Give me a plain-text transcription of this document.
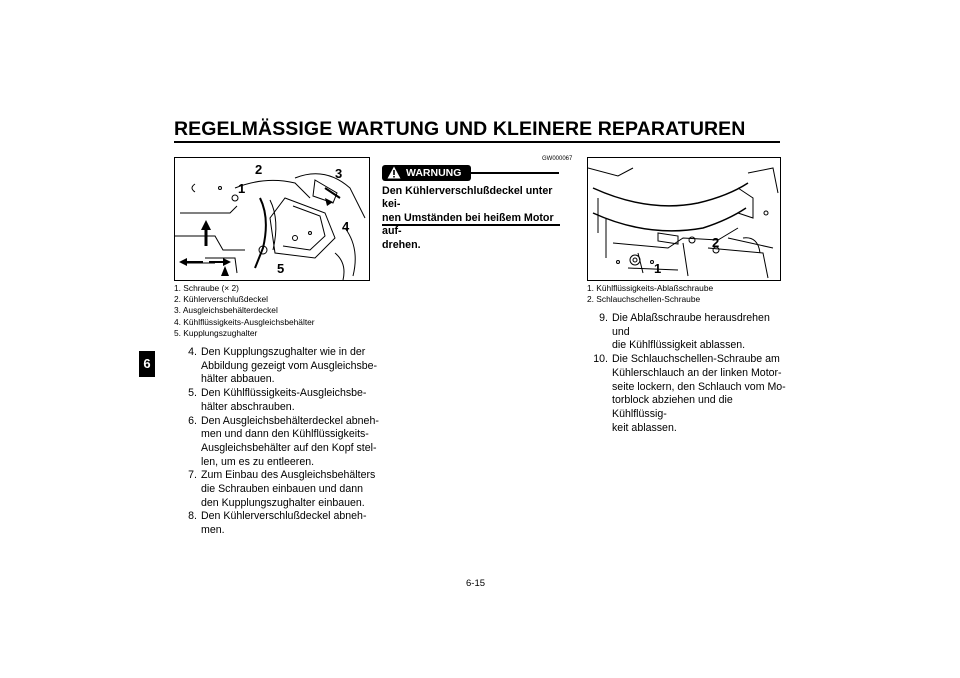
REGELMÄSSIGE WARTUNG UND KLEINERE REPARATUREN
6
1
2	3
4
5
1. Schraube (× 2)
2. Kühlerverschlußdeckel
3. Ausgleichsbehälterdeckel
4. Kühlflüssigkeits-Ausgleichsbehälter
5. Kupplungszughalter
4. Den Kupplungszughalter wie in der
Abbildung gezeigt vom Ausgleichsbe-
hälter abbauen.
5. Den Kühlflüssigkeits-Ausgleichsbe-
hälter abschrauben.
6. Den Ausgleichsbehälterdeckel abneh-
men und dann den Kühlflüssigkeits-
Ausgleichsbehälter auf den Kopf stel-
len, um es zu entleeren.
7. Zum Einbau des Ausgleichsbehälters
die Schrauben einbauen und dann
den Kupplungszughalter einbauen.
8. Den Kühlerverschlußdeckel abneh-
men.
GW000067
WARNUNG
Den Kühlerverschlußdeckel unter kei-
nen Umständen bei heißem Motor auf-
drehen.
1
2
1. Kühlflüssigkeits-Ablaßschraube
2. Schlauchschellen-Schraube
9. Die Ablaßschraube herausdrehen und
die Kühlflüssigkeit ablassen.
10. Die Schlauchschellen-Schraube am
Kühlerschlauch an der linken Motor-
seite lockern, den Schlauch vom Mo-
torblock abziehen und die Kühlflüssig-
keit ablassen.
6-15
